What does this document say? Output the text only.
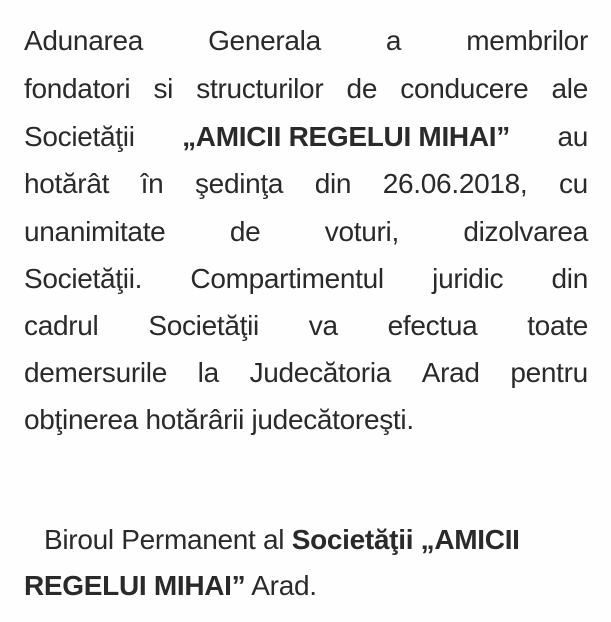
Adunarea Generala a membrilor
fondatori si structurilor de conducere ale
Societăţii „AMICII REGELUI MIHAI” au
hotărât în şedinţa din 26.06.2018, cu
unanimitate de voturi, dizolvarea
Societăţii. Compartimentul juridic din
cadrul Societăţii va efectua toate
demersurile la Judecătoria Arad pentru
obţinerea hotărârii judecătoreşti.
Biroul Permanent al Societăţii „AMICII
REGELUI MIHAI” Arad.
